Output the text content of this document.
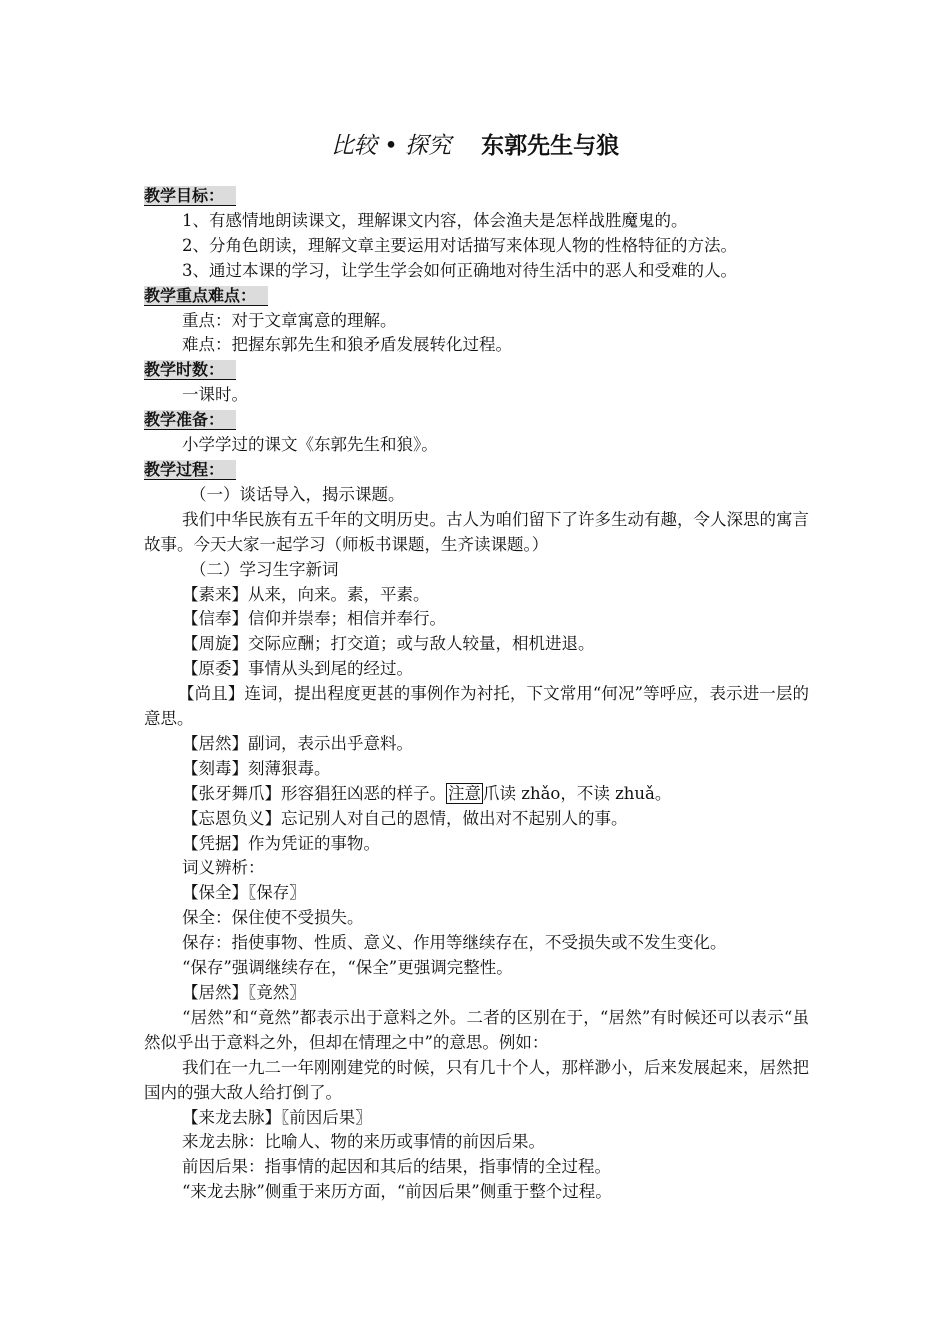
比较 • 探究 东郭先生与狼
教学目标：
1、有感情地朗读课文，理解课文内容，体会渔夫是怎样战胜魔鬼的。
2、分角色朗读，理解文章主要运用对话描写来体现人物的性格特征的方法。
3、通过本课的学习，让学生学会如何正确地对待生活中的恶人和受难的人。
教学重点难点：
重点：对于文章寓意的理解。
难点：把握东郭先生和狼矛盾发展转化过程。
教学时数：
一课时。
教学准备：
小学学过的课文《东郭先生和狼》。
教学过程：
（一）谈话导入，揭示课题。
我们中华民族有五千年的文明历史。古人为咱们留下了许多生动有趣，令人深思的寓言故事。今天大家一起学习（师板书课题，生齐读课题。）
（二）学习生字新词
【素来】从来，向来。素，平素。
【信奉】信仰并崇奉；相信并奉行。
【周旋】交际应酬；打交道；或与敌人较量，相机进退。
【原委】事情从头到尾的经过。
【尚且】连词，提出程度更甚的事例作为衬托，下文常用“何况”等呼应，表示进一层的意思。
【居然】副词，表示出乎意料。
【刻毒】刻薄狠毒。
【张牙舞爪】形容猖狂凶恶的样子。 注意 爪读 zhǎo，不读 zhuǎ。
【忘恩负义】忘记别人对自己的恩情，做出对不起别人的事。
【凭据】作为凭证的事物。
词义辨析：
【保全】〖保存〗
保全：保住使不受损失。
保存：指使事物、性质、意义、作用等继续存在，不受损失或不发生变化。
“保存”强调继续存在，“保全”更强调完整性。
【居然】〖竟然〗
“居然”和“竟然”都表示出于意料之外。二者的区别在于，“居然”有时候还可以表示“虽然似乎出于意料之外，但却在情理之中”的意思。例如：
我们在一九二一年刚刚建党的时候，只有几十个人，那样渺小，后来发展起来，居然把国内的强大敌人给打倒了。
【来龙去脉】〖前因后果〗
来龙去脉：比喻人、物的来历或事情的前因后果。
前因后果：指事情的起因和其后的结果，指事情的全过程。
“来龙去脉”侧重于来历方面，“前因后果”侧重于整个过程。
